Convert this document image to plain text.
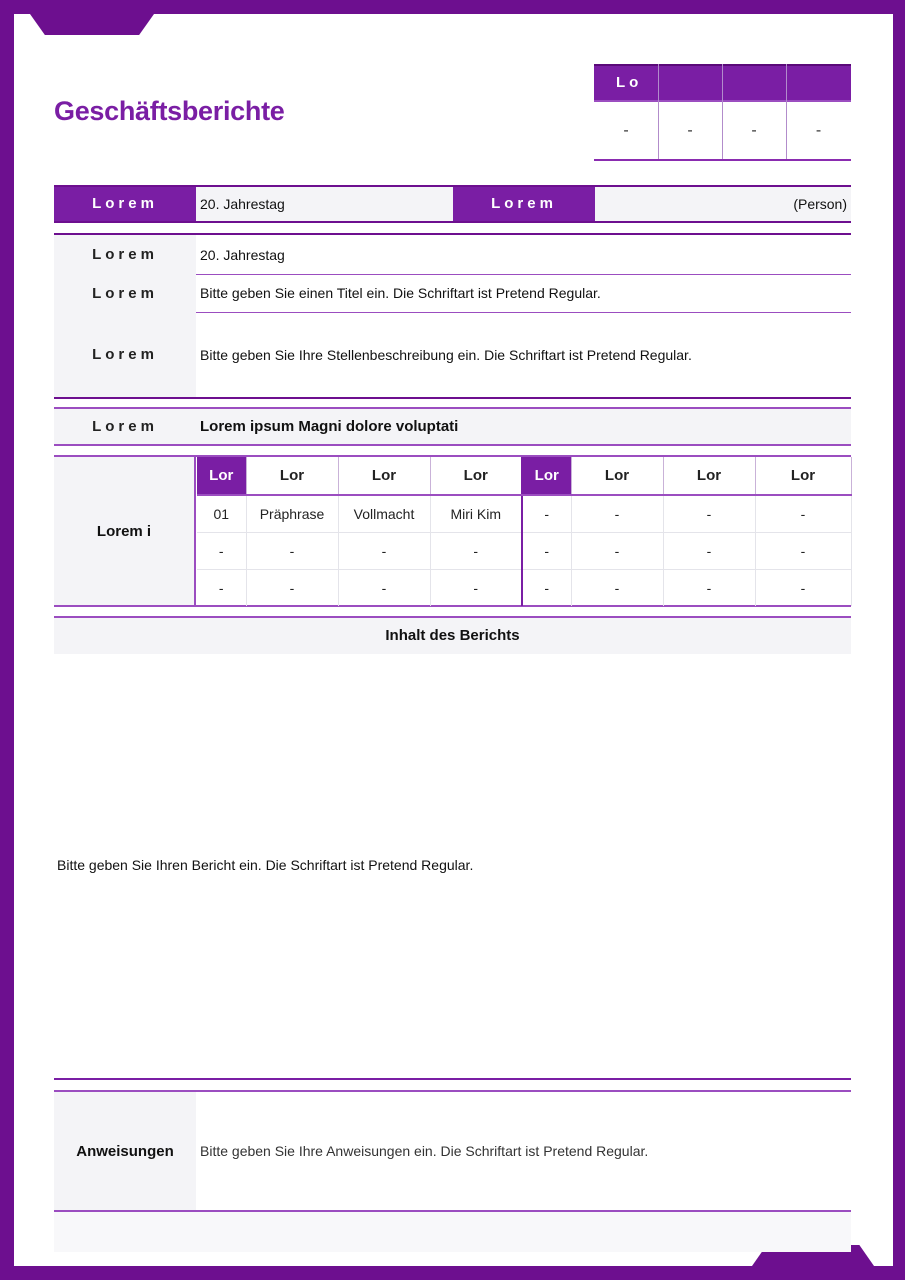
Geschäftsberichte
Lo
-	-	-	-
Lorem	20. Jahrestag	Lorem	(Person)
Lorem	20. Jahrestag
Lorem	Bitte geben Sie einen Titel ein. Die Schriftart ist Pretend Regular.
Lorem	Bitte geben Sie Ihre Stellenbeschreibung ein. Die Schriftart ist Pretend Regular.
Lorem	Lorem ipsum Magni dolore voluptati
Lorem i
Lor	Lor	Lor	Lor	Lor	Lor	Lor	Lor
01	Präphrase	Vollmacht	Miri Kim	-	-	-	-
-	-	-	-	-	-	-	-
-	-	-	-	-	-	-	-
Inhalt des Berichts
Bitte geben Sie Ihren Bericht ein. Die Schriftart ist Pretend Regular.
Anweisungen	Bitte geben Sie Ihre Anweisungen ein. Die Schriftart ist Pretend Regular.
